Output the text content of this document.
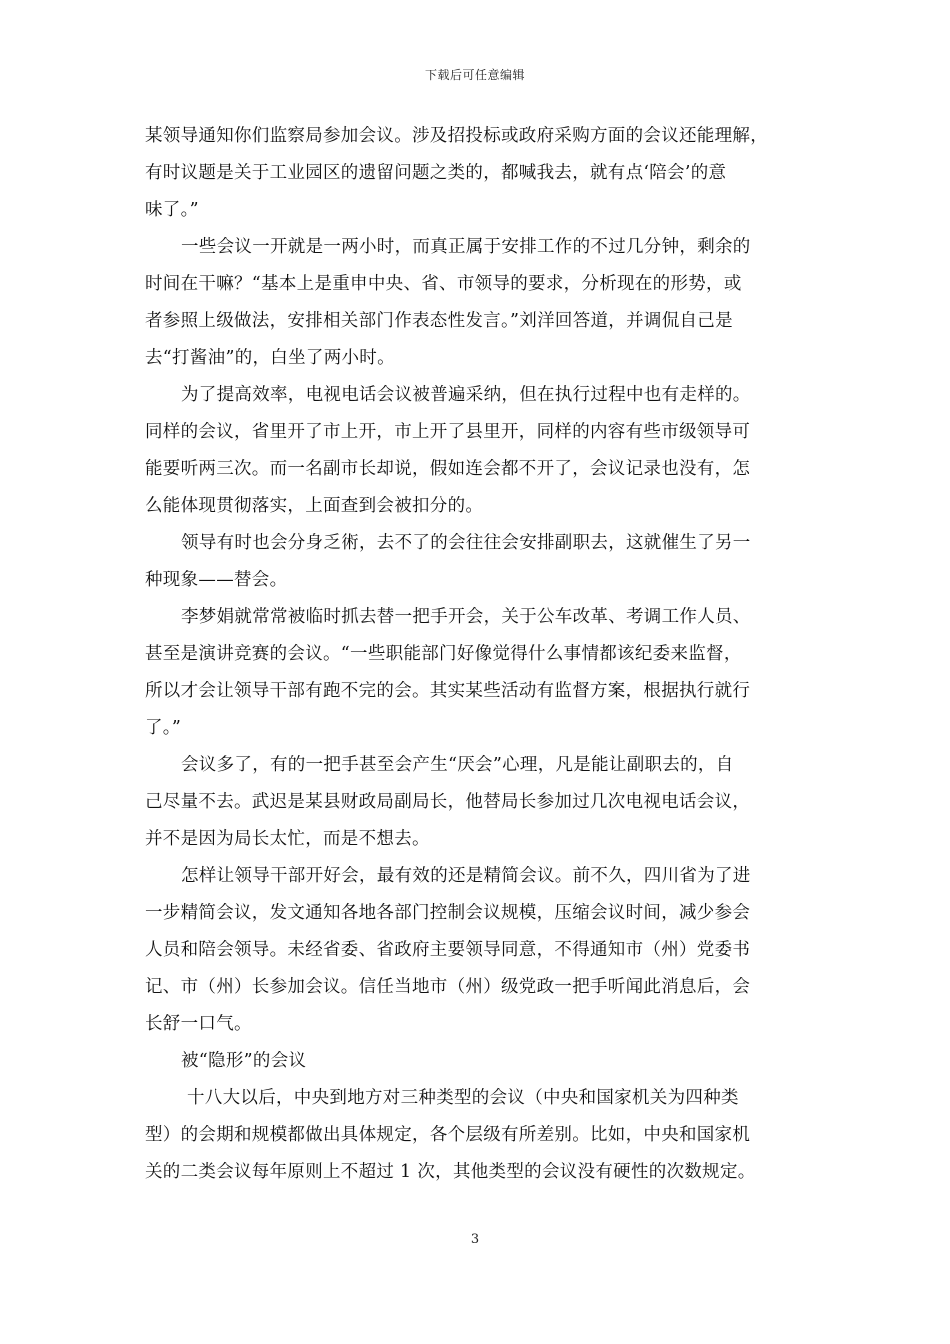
下载后可任意编辑
某领导通知你们监察局参加会议。涉及招投标或政府采购方面的会议还能理解，
有时议题是关于工业园区的遗留问题之类的，都喊我去，就有点‘陪会’的意
味了。”
一些会议一开就是一两小时，而真正属于安排工作的不过几分钟，剩余的
时间在干嘛？“基本上是重申中央、省、市领导的要求，分析现在的形势，或
者参照上级做法，安排相关部门作表态性发言。”刘洋回答道，并调侃自己是
去“打酱油”的，白坐了两小时。
为了提高效率，电视电话会议被普遍采纳，但在执行过程中也有走样的。
同样的会议，省里开了市上开，市上开了县里开，同样的内容有些市级领导可
能要听两三次。而一名副市长却说，假如连会都不开了，会议记录也没有，怎
么能体现贯彻落实，上面查到会被扣分的。
领导有时也会分身乏術，去不了的会往往会安排副职去，这就催生了另一
种现象——替会。
李梦娟就常常被临时抓去替一把手开会，关于公车改革、考调工作人员、
甚至是演讲竞赛的会议。“一些职能部门好像觉得什么事情都该纪委来监督，
所以才会让领导干部有跑不完的会。其实某些活动有监督方案，根据执行就行
了。”
会议多了，有的一把手甚至会产生“厌会”心理，凡是能让副职去的，自
己尽量不去。武迟是某县财政局副局长，他替局长参加过几次电视电话会议，
并不是因为局长太忙，而是不想去。
怎样让领导干部开好会，最有效的还是精简会议。前不久，四川省为了进
一步精简会议，发文通知各地各部门控制会议规模，压缩会议时间，减少参会
人员和陪会领导。未经省委、省政府主要领导同意，不得通知市（州）党委书
记、市（州）长参加会议。信任当地市（州）级党政一把手听闻此消息后，会
长舒一口气。
被“隐形”的会议
十八大以后，中央到地方对三种类型的会议（中央和国家机关为四种类
型）的会期和规模都做出具体规定，各个层级有所差别。比如，中央和国家机
关的二类会议每年原则上不超过 1 次，其他类型的会议没有硬性的次数规定。
3
